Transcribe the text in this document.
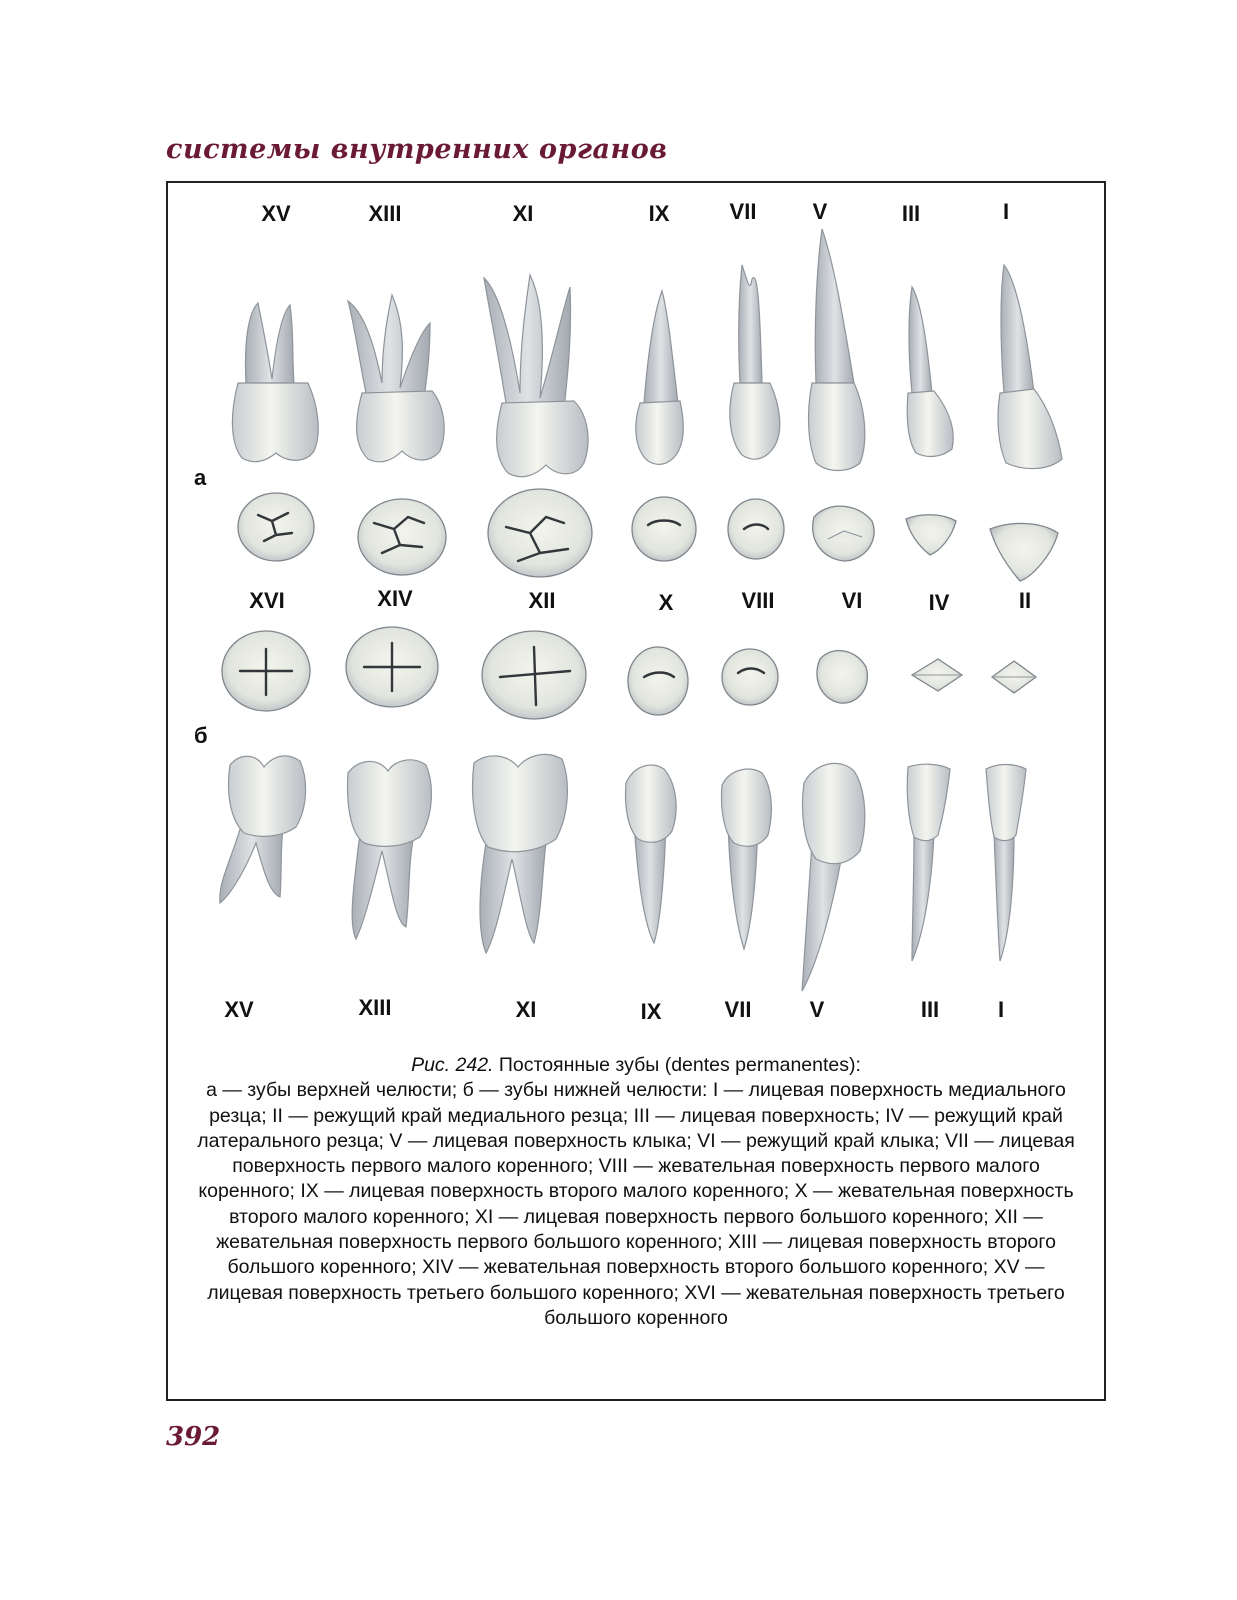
системы внутренних органов
XV	XIII	XI	IX	VII	V	III	I
а
XVI	XIV	XII	X	VIII	VI	IV	II
б
XV	XIII	XI	IX	VII	V	III	I
Рис. 242. Постоянные зубы (dentes permanentes):
а — зубы верхней челюсти; б — зубы нижней челюсти: I — лицевая поверхность медиального резца; II — режущий край медиального резца; III — лицевая поверхность; IV — режущий край латерального резца; V — лицевая поверхность клыка; VI — режущий край клыка; VII — лицевая поверхность первого малого коренного; VIII — жевательная поверхность первого малого коренного; IX — лицевая поверхность второго малого коренного; X — жевательная поверхность второго малого коренного; XI — лицевая поверхность первого большого коренного; XII — жевательная поверхность первого большого коренного; XIII — лицевая поверхность второго большого коренного; XIV — жевательная поверхность второго большого коренного; XV — лицевая поверхность третьего большого коренного; XVI — жевательная поверхность третьего большого коренного
392
